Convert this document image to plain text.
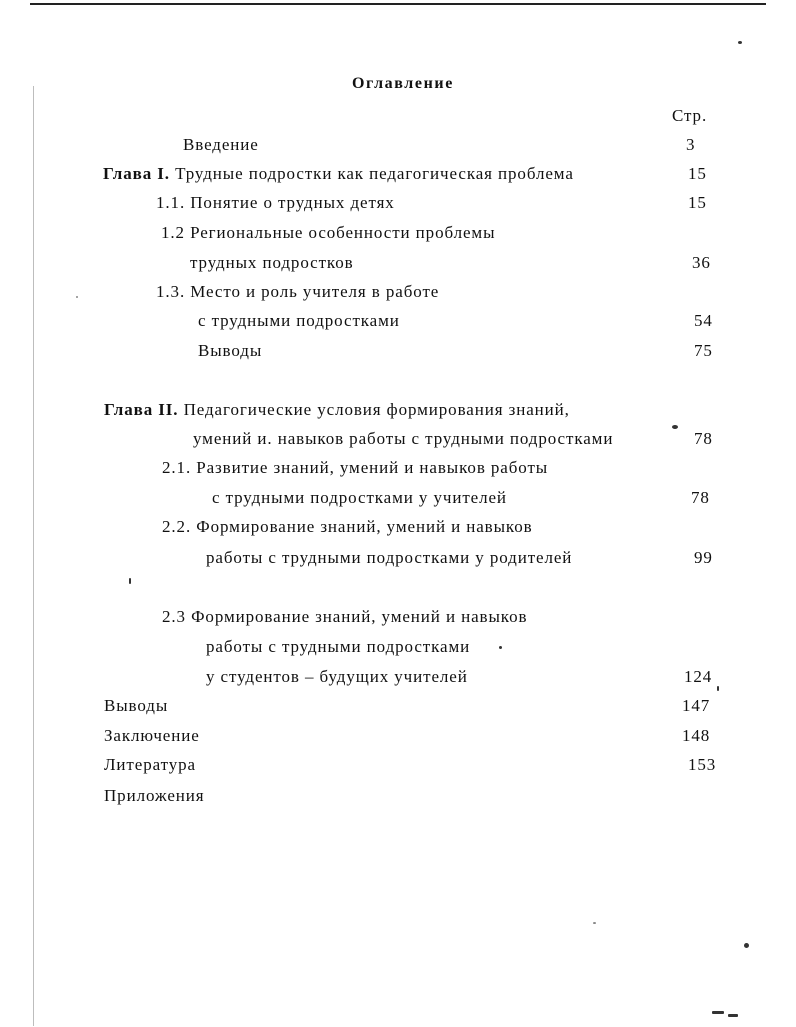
Оглавление
Стр.
Введение	3
Глава I. Трудные подростки как педагогическая проблема	15
1.1. Понятие о трудных детях	15
1.2 Региональные особенности проблемы
трудных подростков	36
1.3. Место и роль учителя в работе
с трудными подростками	54
Выводы	75
Глава II. Педагогические условия формирования знаний,
умений и. навыков работы с трудными подростками	78
2.1. Развитие знаний, умений и навыков работы
с трудными подростками у учителей	78
2.2. Формирование знаний, умений и навыков
работы с трудными подростками у родителей	99
2.3 Формирование знаний, умений и навыков
работы с трудными подростками
у студентов – будущих учителей	124
Выводы	147
Заключение	148
Литература	153
Приложения
